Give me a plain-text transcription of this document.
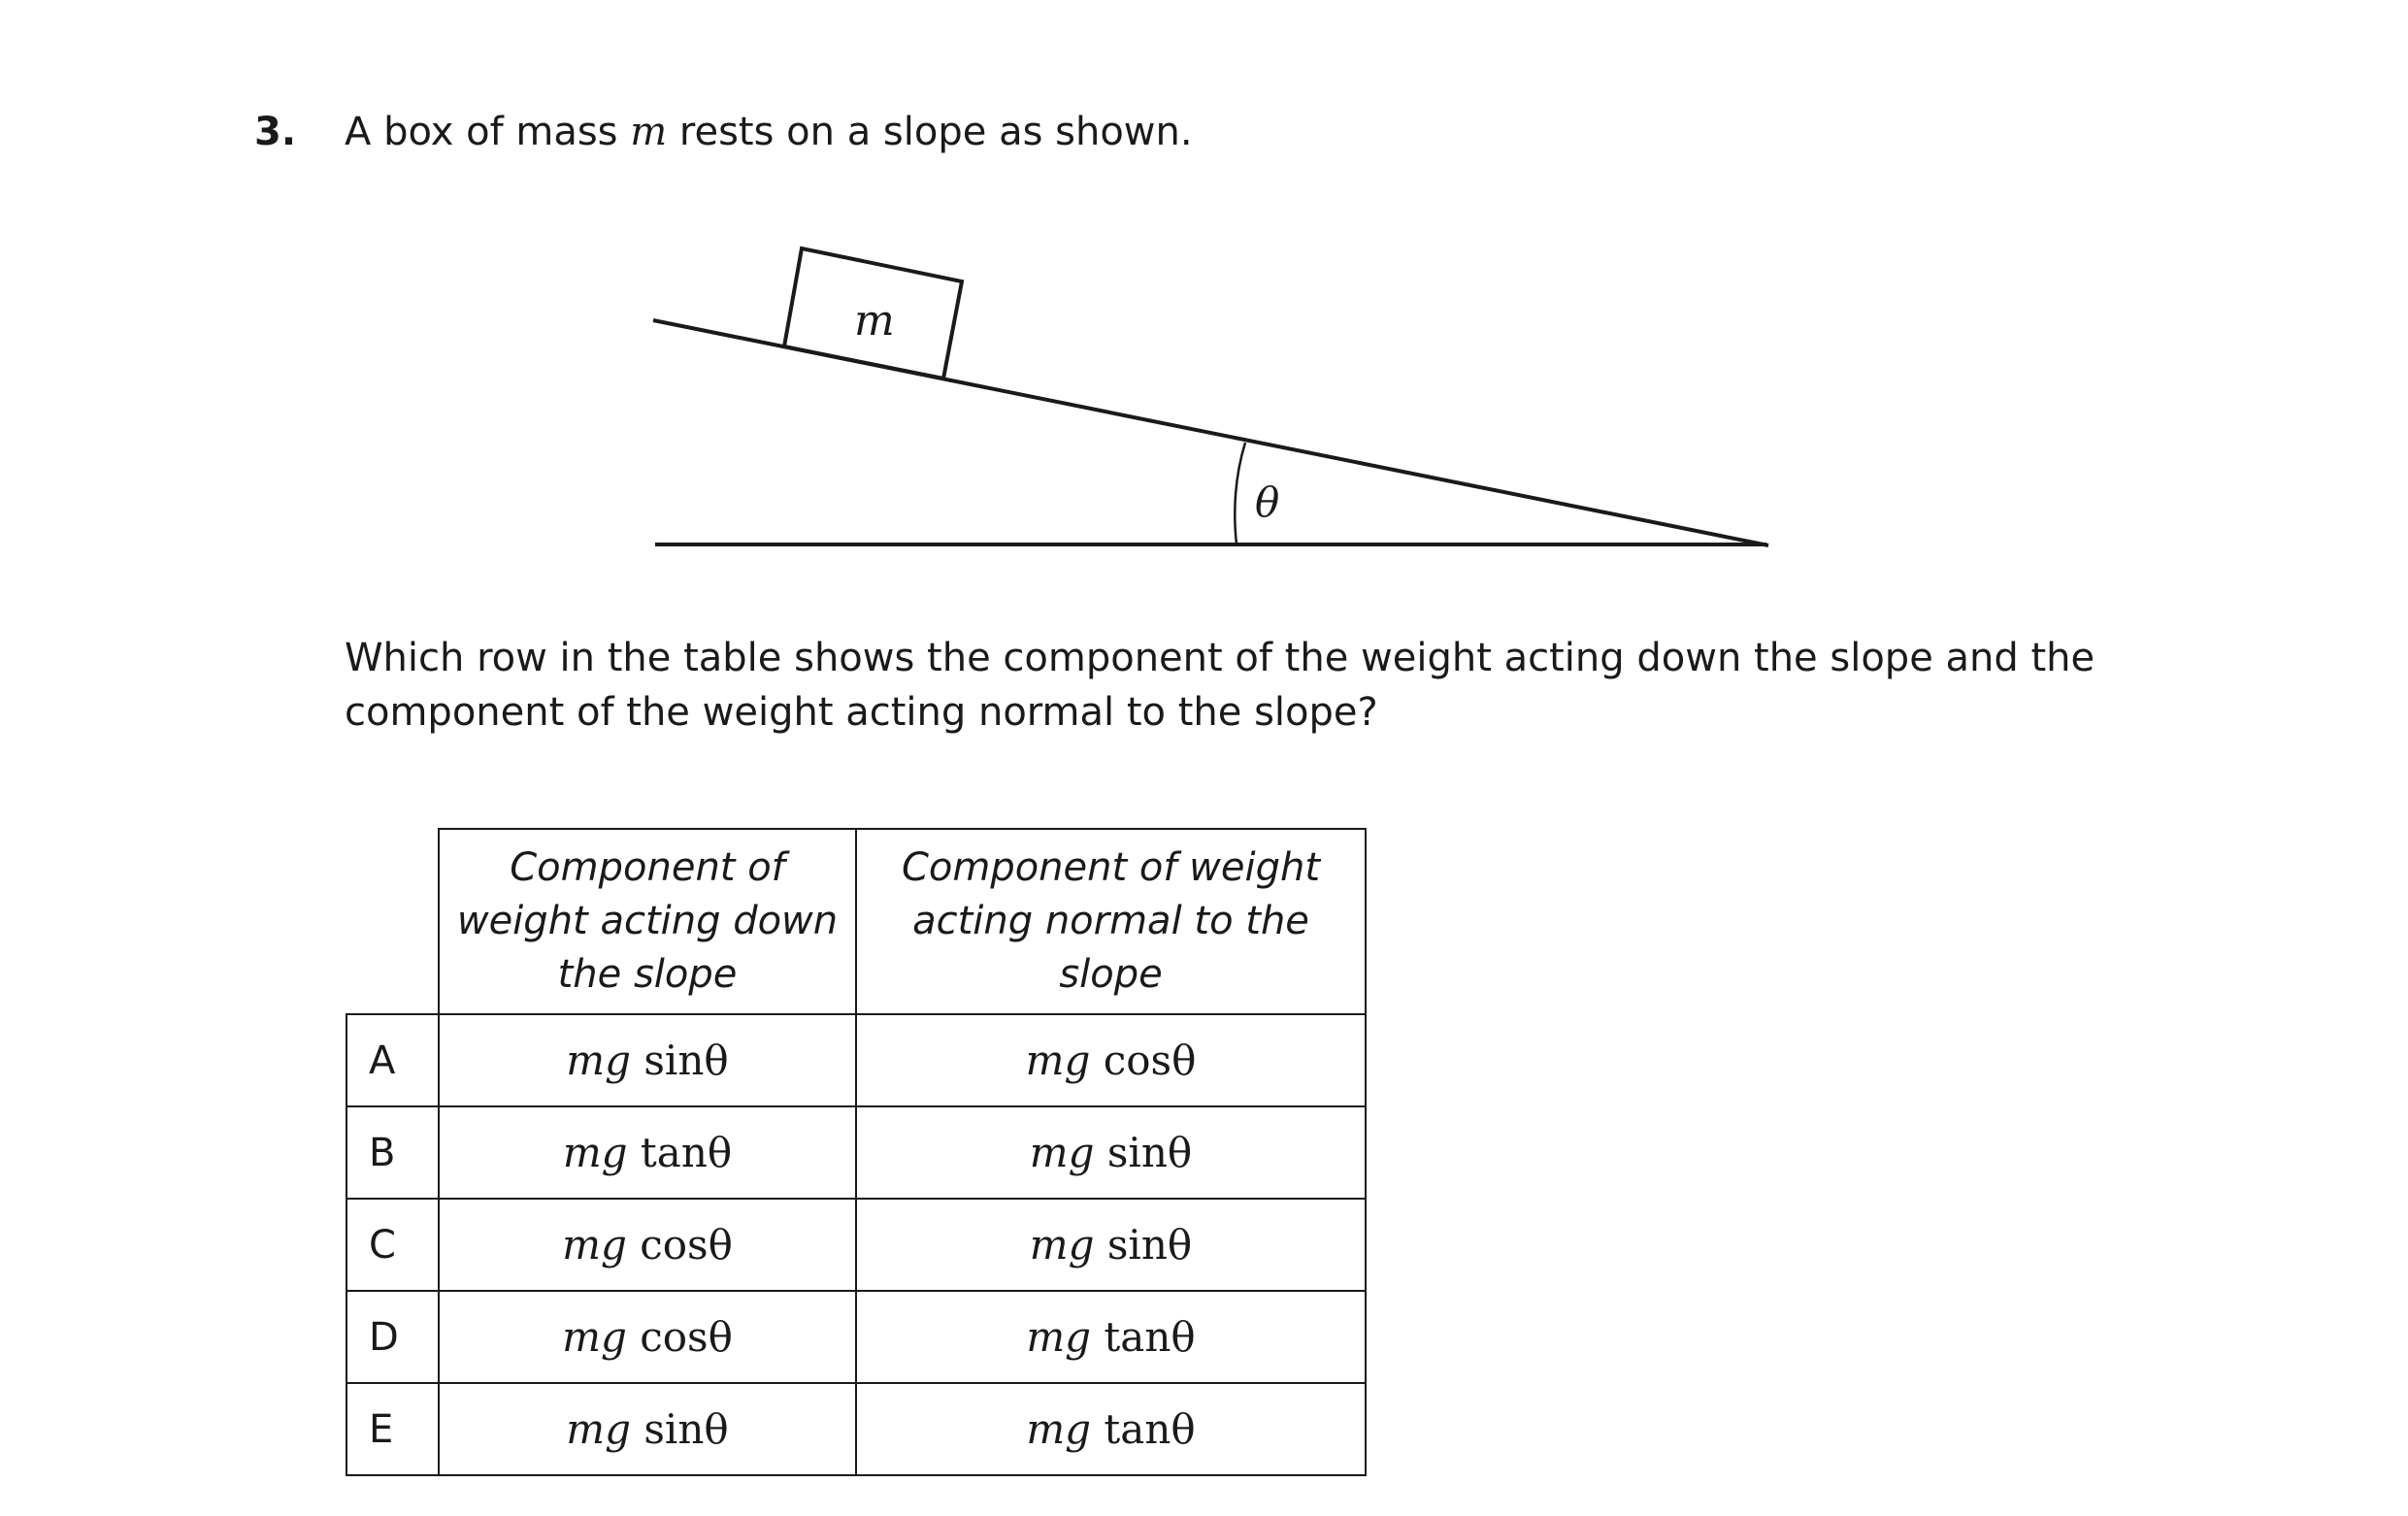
3. A box of mass m rests on a slope as shown.
m
θ
Which row in the table shows the component of the weight acting down the slope and the component of the weight acting normal to the slope?
	Component of weight acting down the slope	Component of weight acting normal to the slope
A	mg sinθ	mg cosθ
B	mg tanθ	mg sinθ
C	mg cosθ	mg sinθ
D	mg cosθ	mg tanθ
E	mg sinθ	mg tanθ
